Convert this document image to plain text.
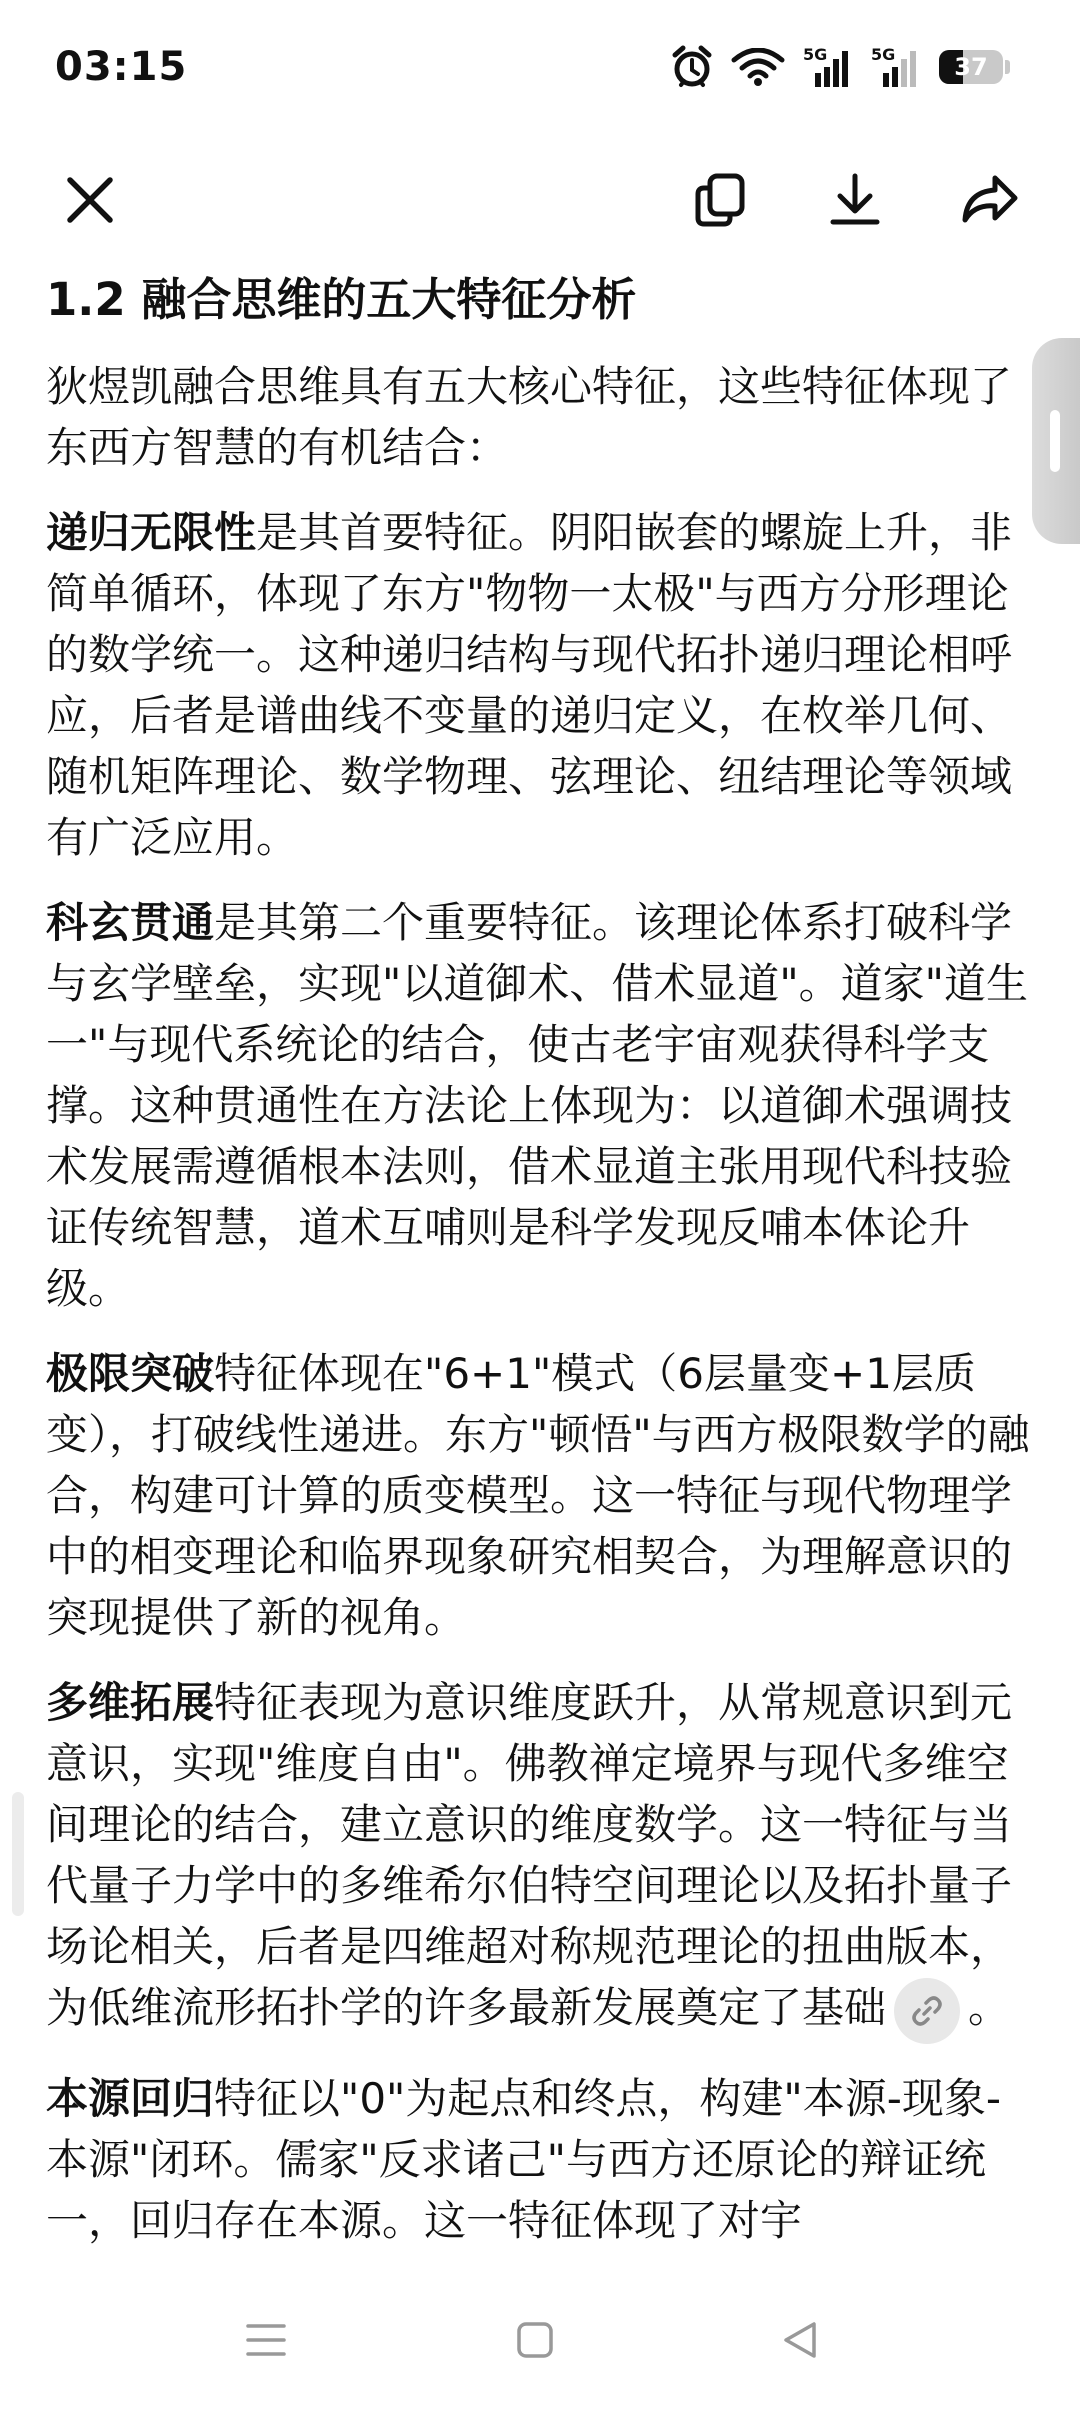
03:15	5G	5G	37
1.2 融合思维的五大特征分析
狄煜凯融合思维具有五大核心特征，这些特征体现了东西方智慧的有机结合：
递归无限性是其首要特征。阴阳嵌套的螺旋上升，非简单循环，体现了东方"物物一太极"与西方分形理论的数学统一。这种递归结构与现代拓扑递归理论相呼应，后者是谱曲线不变量的递归定义，在枚举几何、随机矩阵理论、数学物理、弦理论、纽结理论等领域有广泛应用。
科玄贯通是其第二个重要特征。该理论体系打破科学与玄学壁垒，实现"以道御术、借术显道"。道家"道生一"与现代系统论的结合，使古老宇宙观获得科学支撑。这种贯通性在方法论上体现为：以道御术强调技术发展需遵循根本法则，借术显道主张用现代科技验证传统智慧，道术互哺则是科学发现反哺本体论升级。
极限突破特征体现在"6+1"模式（6层量变+1层质变），打破线性递进。东方"顿悟"与西方极限数学的融合，构建可计算的质变模型。这一特征与现代物理学中的相变理论和临界现象研究相契合，为理解意识的突现提供了新的视角。
多维拓展特征表现为意识维度跃升，从常规意识到元意识，实现"维度自由"。佛教禅定境界与现代多维空间理论的结合，建立意识的维度数学。这一特征与当代量子力学中的多维希尔伯特空间理论以及拓扑量子场论相关，后者是四维超对称规范理论的扭曲版本，为低维流形拓扑学的许多最新发展奠定了基础 。
本源回归特征以"0"为起点和终点，构建"本源-现象-本源"闭环。儒家"反求诸己"与西方还原论的辩证统一，回归存在本源。这一特征体现了对宇
